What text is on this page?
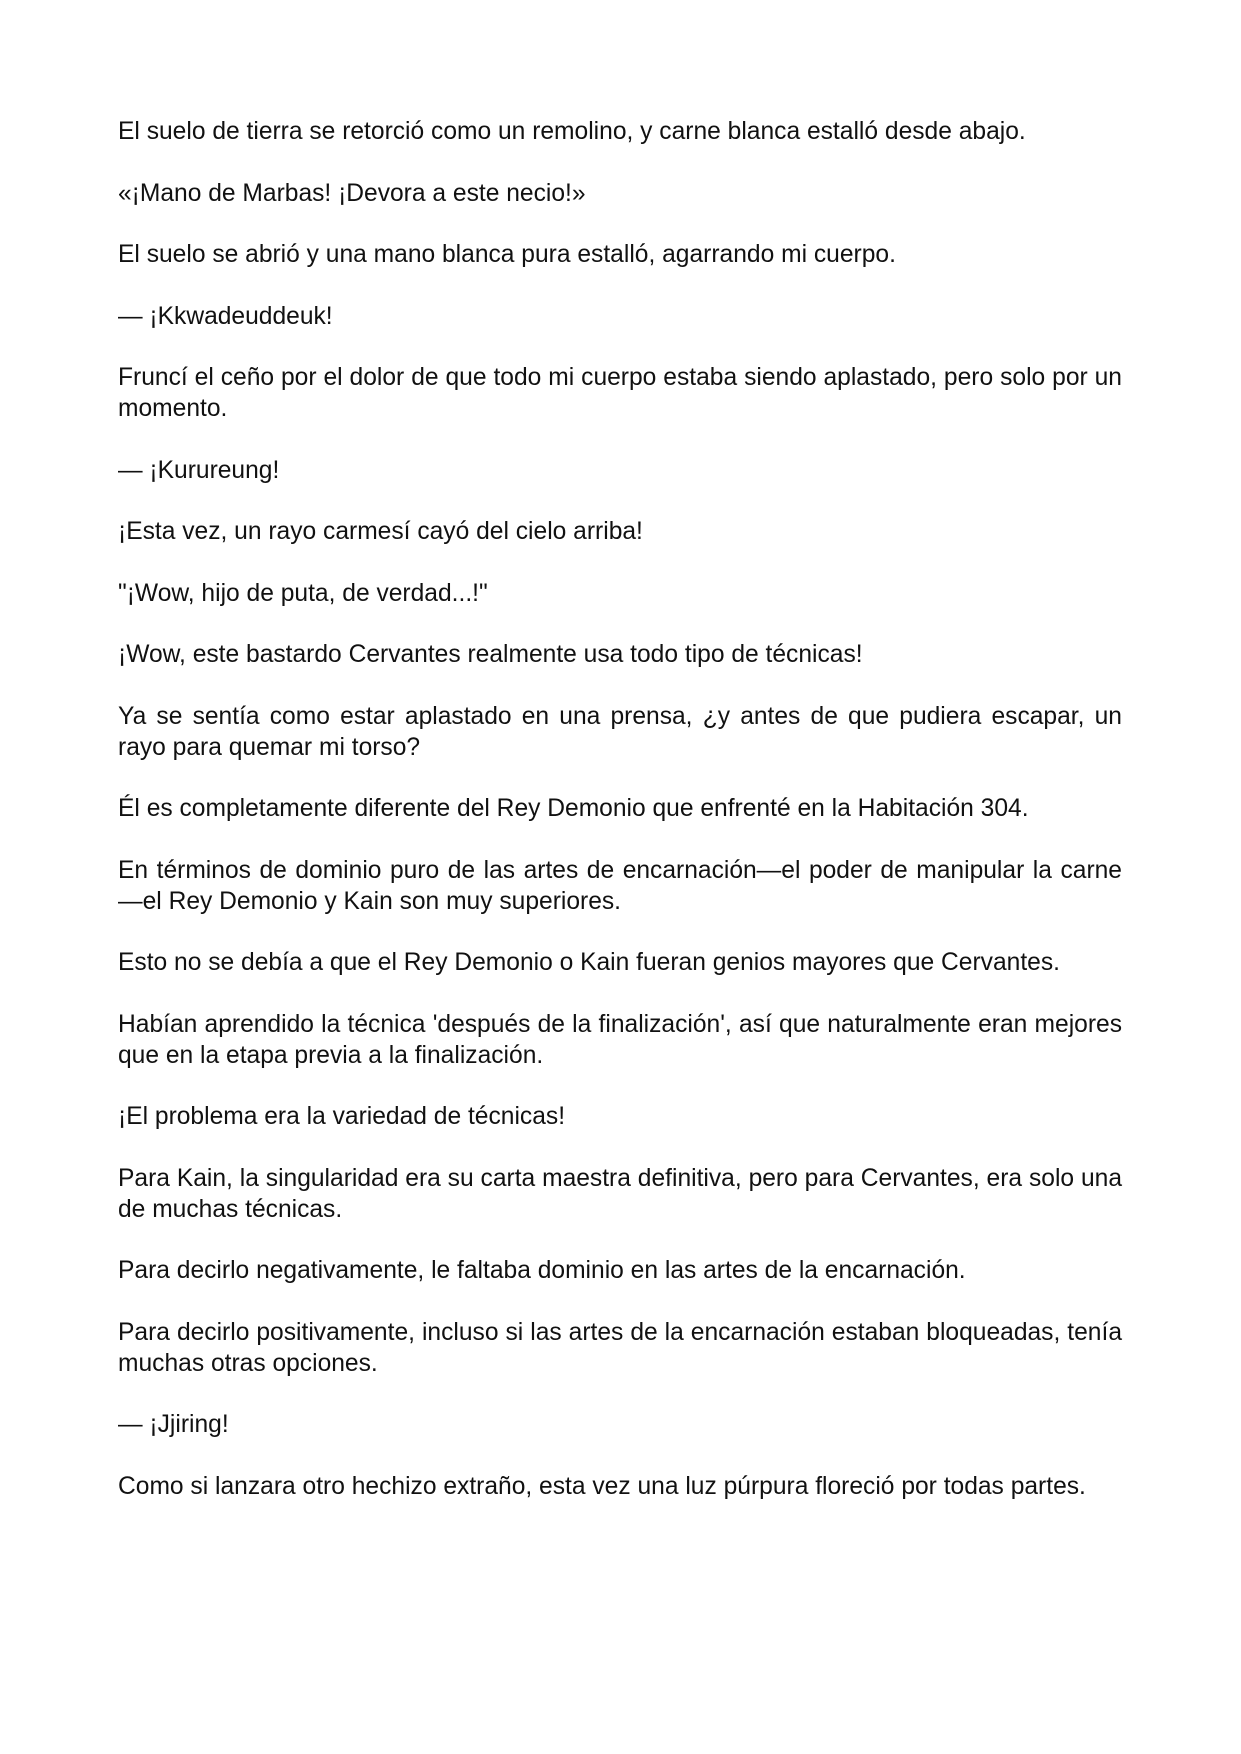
El suelo de tierra se retorció como un remolino, y carne blanca estalló desde abajo.

«¡Mano de Marbas! ¡Devora a este necio!»

El suelo se abrió y una mano blanca pura estalló, agarrando mi cuerpo.

— ¡Kkwadeuddeuk!

Fruncí el ceño por el dolor de que todo mi cuerpo estaba siendo aplastado, pero solo por un momento.

— ¡Kurureung!

¡Esta vez, un rayo carmesí cayó del cielo arriba!

"¡Wow, hijo de puta, de verdad...!"

¡Wow, este bastardo Cervantes realmente usa todo tipo de técnicas!

Ya se sentía como estar aplastado en una prensa, ¿y antes de que pudiera escapar, un rayo para quemar mi torso?

Él es completamente diferente del Rey Demonio que enfrenté en la Habitación 304.

En términos de dominio puro de las artes de encarnación—el poder de manipular la carne—el Rey Demonio y Kain son muy superiores.

Esto no se debía a que el Rey Demonio o Kain fueran genios mayores que Cervantes.

Habían aprendido la técnica 'después de la finalización', así que naturalmente eran mejores que en la etapa previa a la finalización.

¡El problema era la variedad de técnicas!

Para Kain, la singularidad era su carta maestra definitiva, pero para Cervantes, era solo una de muchas técnicas.

Para decirlo negativamente, le faltaba dominio en las artes de la encarnación.

Para decirlo positivamente, incluso si las artes de la encarnación estaban bloqueadas, tenía muchas otras opciones.

— ¡Jjiring!

Como si lanzara otro hechizo extraño, esta vez una luz púrpura floreció por todas partes.
